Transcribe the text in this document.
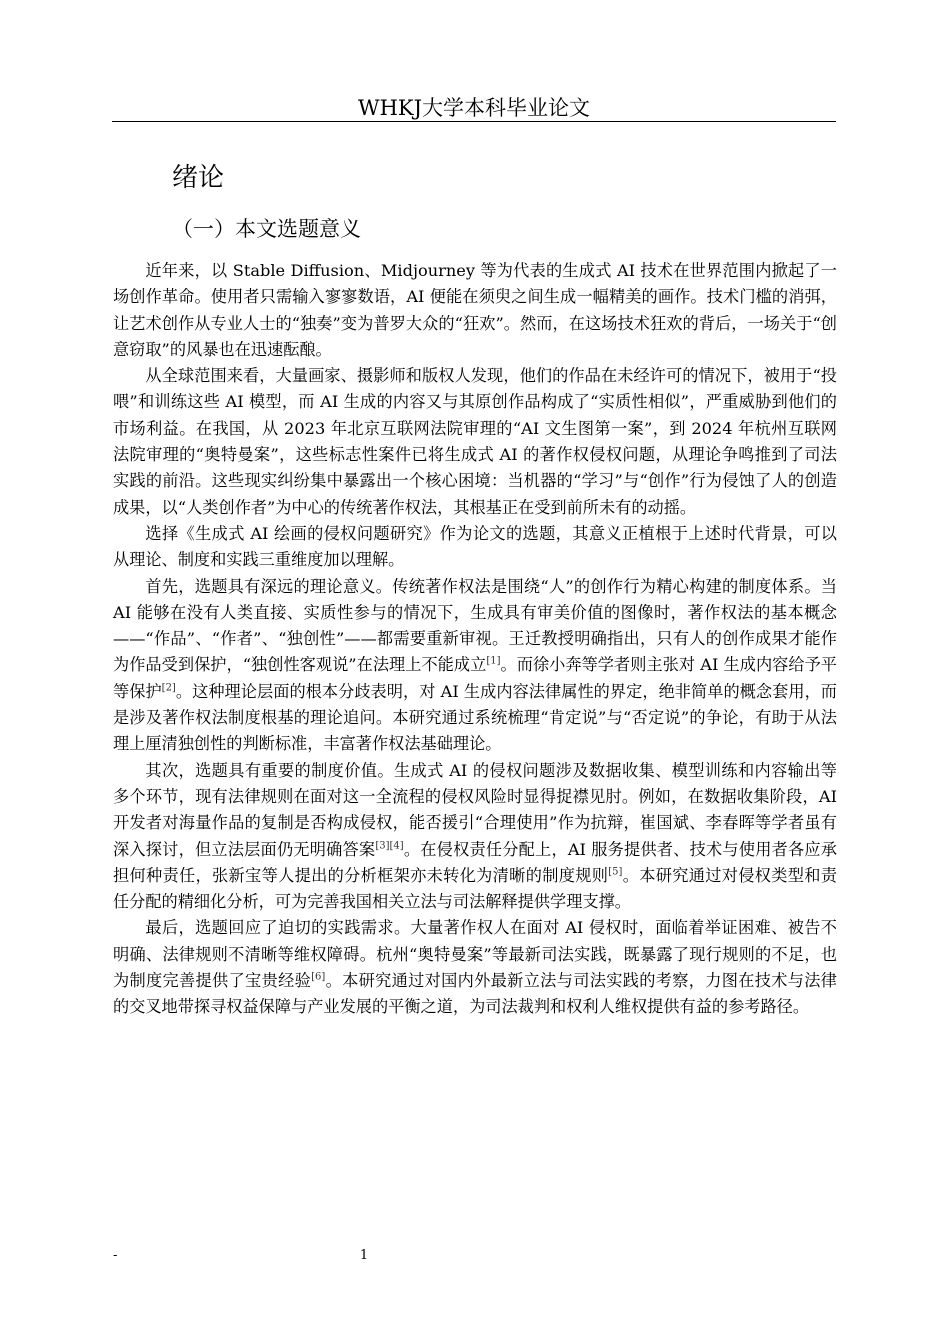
WHKJ大学本科毕业论文
绪论
（一）本文选题意义

近年来，以 Stable Diffusion、Midjourney 等为代表的生成式 AI 技术在世界范围内掀起了一场创作革命。使用者只需输入寥寥数语，AI 便能在须臾之间生成一幅精美的画作。技术门槛的消弭，让艺术创作从专业人士的“独奏”变为普罗大众的“狂欢”。然而，在这场技术狂欢的背后，一场关于“创意窃取”的风暴也在迅速酝酿。

从全球范围来看，大量画家、摄影师和版权人发现，他们的作品在未经许可的情况下，被用于“投喂”和训练这些 AI 模型，而 AI 生成的内容又与其原创作品构成了“实质性相似”，严重威胁到他们的市场利益。在我国，从 2023 年北京互联网法院审理的“AI 文生图第一案”，到 2024 年杭州互联网法院审理的“奥特曼案”，这些标志性案件已将生成式 AI 的著作权侵权问题，从理论争鸣推到了司法实践的前沿。这些现实纠纷集中暴露出一个核心困境：当机器的“学习”与“创作”行为侵蚀了人的创造成果，以“人类创作者”为中心的传统著作权法，其根基正在受到前所未有的动摇。

选择《生成式 AI 绘画的侵权问题研究》作为论文的选题，其意义正植根于上述时代背景，可以从理论、制度和实践三重维度加以理解。

首先，选题具有深远的理论意义。传统著作权法是围绕“人”的创作行为精心构建的制度体系。当 AI 能够在没有人类直接、实质性参与的情况下，生成具有审美价值的图像时，著作权法的基本概念——“作品”、“作者”、“独创性”——都需要重新审视。王迁教授明确指出，只有人的创作成果才能作为作品受到保护，“独创性客观说”在法理上不能成立[1]。而徐小奔等学者则主张对 AI 生成内容给予平等保护[2]。这种理论层面的根本分歧表明，对 AI 生成内容法律属性的界定，绝非简单的概念套用，而是涉及著作权法制度根基的理论追问。本研究通过系统梳理“肯定说”与“否定说”的争论，有助于从法理上厘清独创性的判断标准，丰富著作权法基础理论。

其次，选题具有重要的制度价值。生成式 AI 的侵权问题涉及数据收集、模型训练和内容输出等多个环节，现有法律规则在面对这一全流程的侵权风险时显得捉襟见肘。例如，在数据收集阶段，AI 开发者对海量作品的复制是否构成侵权，能否援引“合理使用”作为抗辩，崔国斌、李春晖等学者虽有深入探讨，但立法层面仍无明确答案[3][4]。在侵权责任分配上，AI 服务提供者、技术与使用者各应承担何种责任，张新宝等人提出的分析框架亦未转化为清晰的制度规则[5]。本研究通过对侵权类型和责任分配的精细化分析，可为完善我国相关立法与司法解释提供学理支撑。

最后，选题回应了迫切的实践需求。大量著作权人在面对 AI 侵权时，面临着举证困难、被告不明确、法律规则不清晰等维权障碍。杭州“奥特曼案”等最新司法实践，既暴露了现行规则的不足，也为制度完善提供了宝贵经验[6]。本研究通过对国内外最新立法与司法实践的考察，力图在技术与法律的交叉地带探寻权益保障与产业发展的平衡之道，为司法裁判和权利人维权提供有益的参考路径。

-	1
